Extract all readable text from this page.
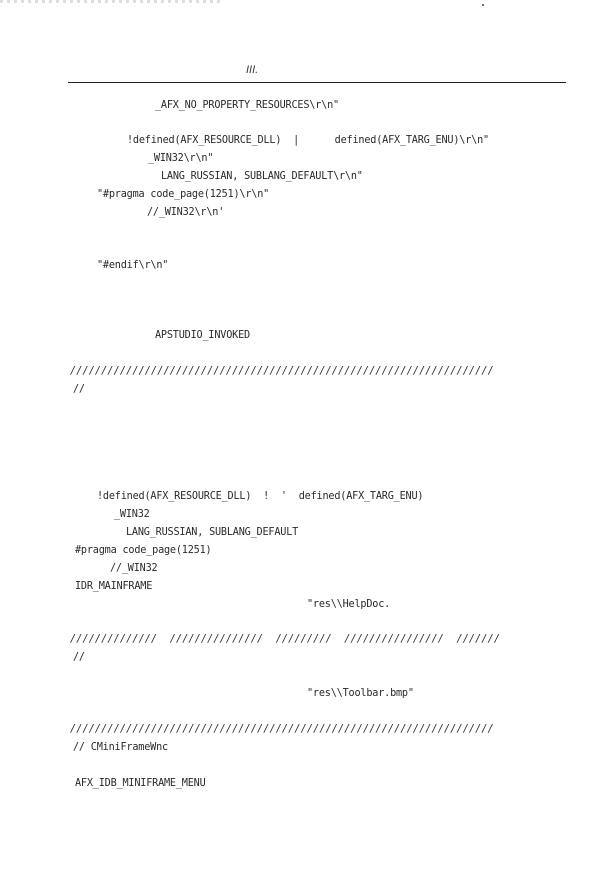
III.
_AFX_NO_PROPERTY_RESOURCES\r\n"
!defined(AFX_RESOURCE_DLL)  |      defined(AFX_TARG_ENU)\r\n"
_WIN32\r\n"
LANG_RUSSIAN, SUBLANG_DEFAULT\r\n"
"#pragma code_page(1251)\r\n"
//_WIN32\r\n'
"#endif\r\n"
APSTUDIO_INVOKED
////////////////////////////////////////////////////////////////////
//
!defined(AFX_RESOURCE_DLL)  !  '  defined(AFX_TARG_ENU)
_WIN32
LANG_RUSSIAN, SUBLANG_DEFAULT
#pragma code_page(1251)
//_WIN32
IDR_MAINFRAME
"res\\HelpDoc.
//////////////  ///////////////  /////////  ////////////////  ///////
//
"res\\Toolbar.bmp"
////////////////////////////////////////////////////////////////////
// CMiniFrameWnc
AFX_IDB_MINIFRAME_MENU
